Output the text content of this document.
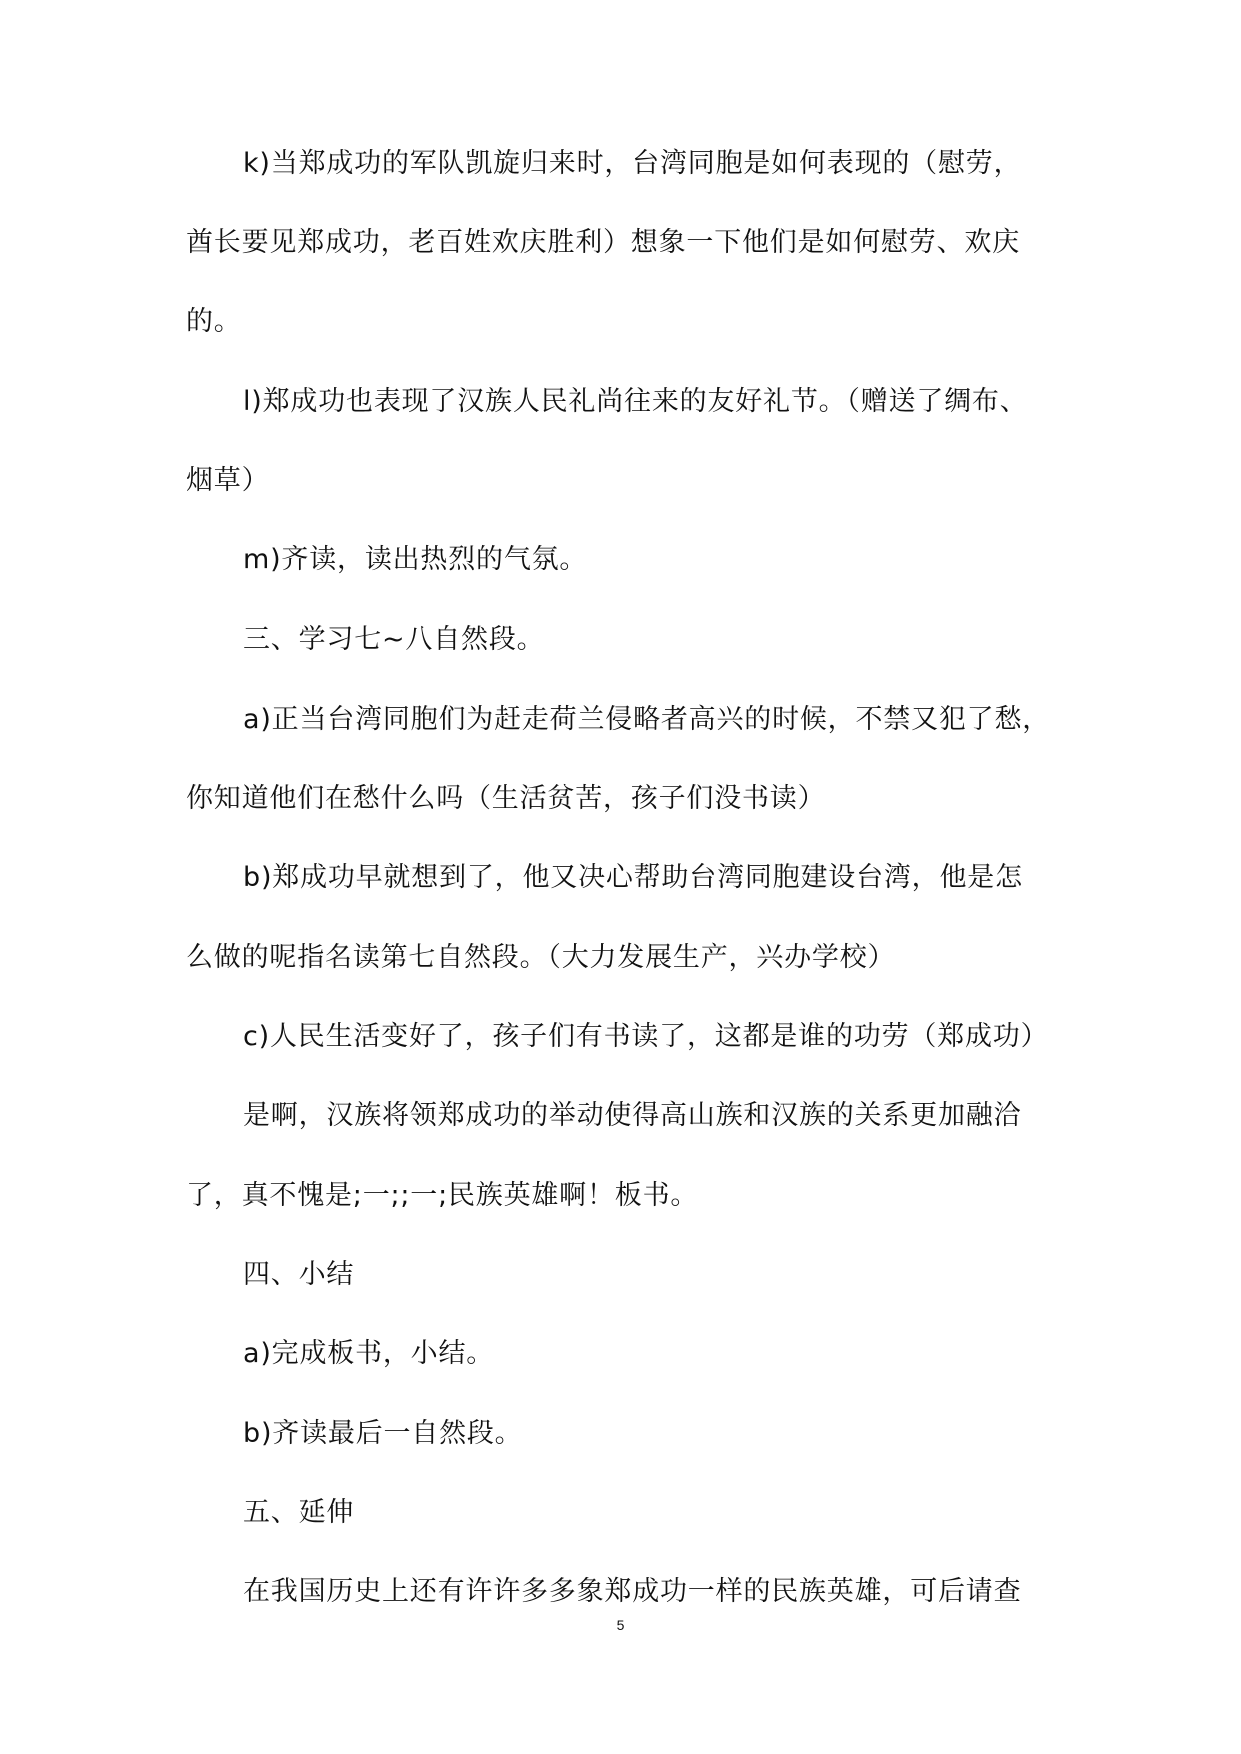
k)当郑成功的军队凯旋归来时，台湾同胞是如何表现的（慰劳，
酋长要见郑成功，老百姓欢庆胜利）想象一下他们是如何慰劳、欢庆
的。
l)郑成功也表现了汉族人民礼尚往来的友好礼节。（赠送了绸布、
烟草）
m)齐读，读出热烈的气氛。
三、学习七~八自然段。
a)正当台湾同胞们为赶走荷兰侵略者高兴的时候，不禁又犯了愁，
你知道他们在愁什么吗（生活贫苦，孩子们没书读）
b)郑成功早就想到了，他又决心帮助台湾同胞建设台湾，他是怎
么做的呢指名读第七自然段。（大力发展生产，兴办学校）
c)人民生活变好了，孩子们有书读了，这都是谁的功劳（郑成功）
是啊，汉族将领郑成功的举动使得高山族和汉族的关系更加融洽
了，真不愧是;一;;一;民族英雄啊！板书。
四、小结
a)完成板书，小结。
b)齐读最后一自然段。
五、延伸
在我国历史上还有许许多多象郑成功一样的民族英雄，可后请查
5
